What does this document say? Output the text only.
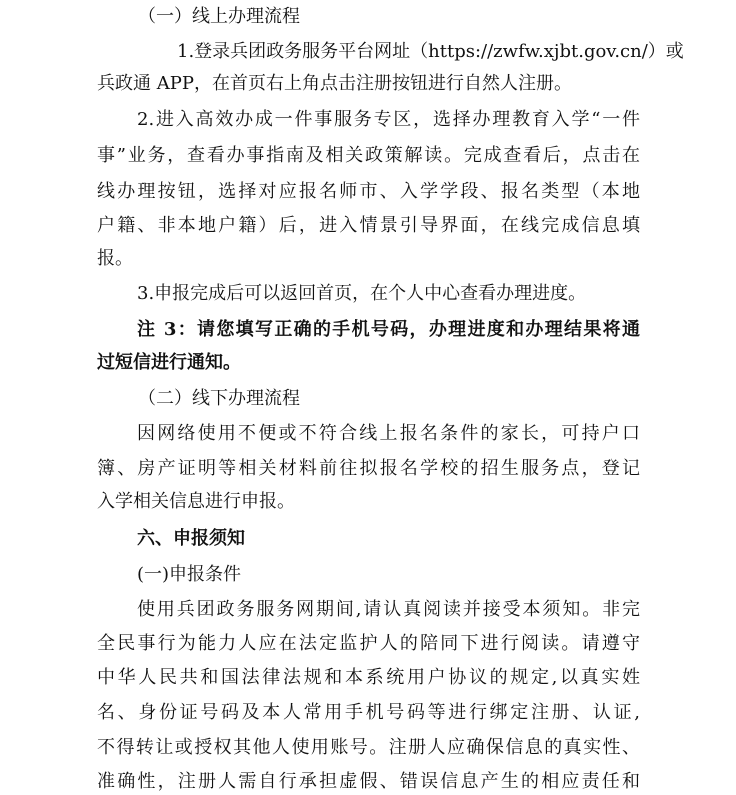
（一）线上办理流程
1.登录兵团政务服务平台网址（https://zwfw.xjbt.gov.cn/）或
兵政通 APP，在首页右上角点击注册按钮进行自然人注册。
2.进入高效办成一件事服务专区，选择办理教育入学“一件
事”业务，查看办事指南及相关政策解读。完成查看后，点击在
线办理按钮，选择对应报名师市、入学学段、报名类型（本地
户籍、非本地户籍）后，进入情景引导界面，在线完成信息填
报。
3.申报完成后可以返回首页，在个人中心查看办理进度。
注 3：请您填写正确的手机号码，办理进度和办理结果将通
过短信进行通知。
（二）线下办理流程
因网络使用不便或不符合线上报名条件的家长，可持户口
簿、房产证明等相关材料前往拟报名学校的招生服务点，登记
入学相关信息进行申报。
六、申报须知
(一)申报条件
使用兵团政务服务网期间,请认真阅读并接受本须知。非完
全民事行为能力人应在法定监护人的陪同下进行阅读。请遵守
中华人民共和国法律法规和本系统用户协议的规定,以真实姓
名、身份证号码及本人常用手机号码等进行绑定注册、认证,
不得转让或授权其他人使用账号。注册人应确保信息的真实性、
准确性，注册人需自行承担虚假、错误信息产生的相应责任和
